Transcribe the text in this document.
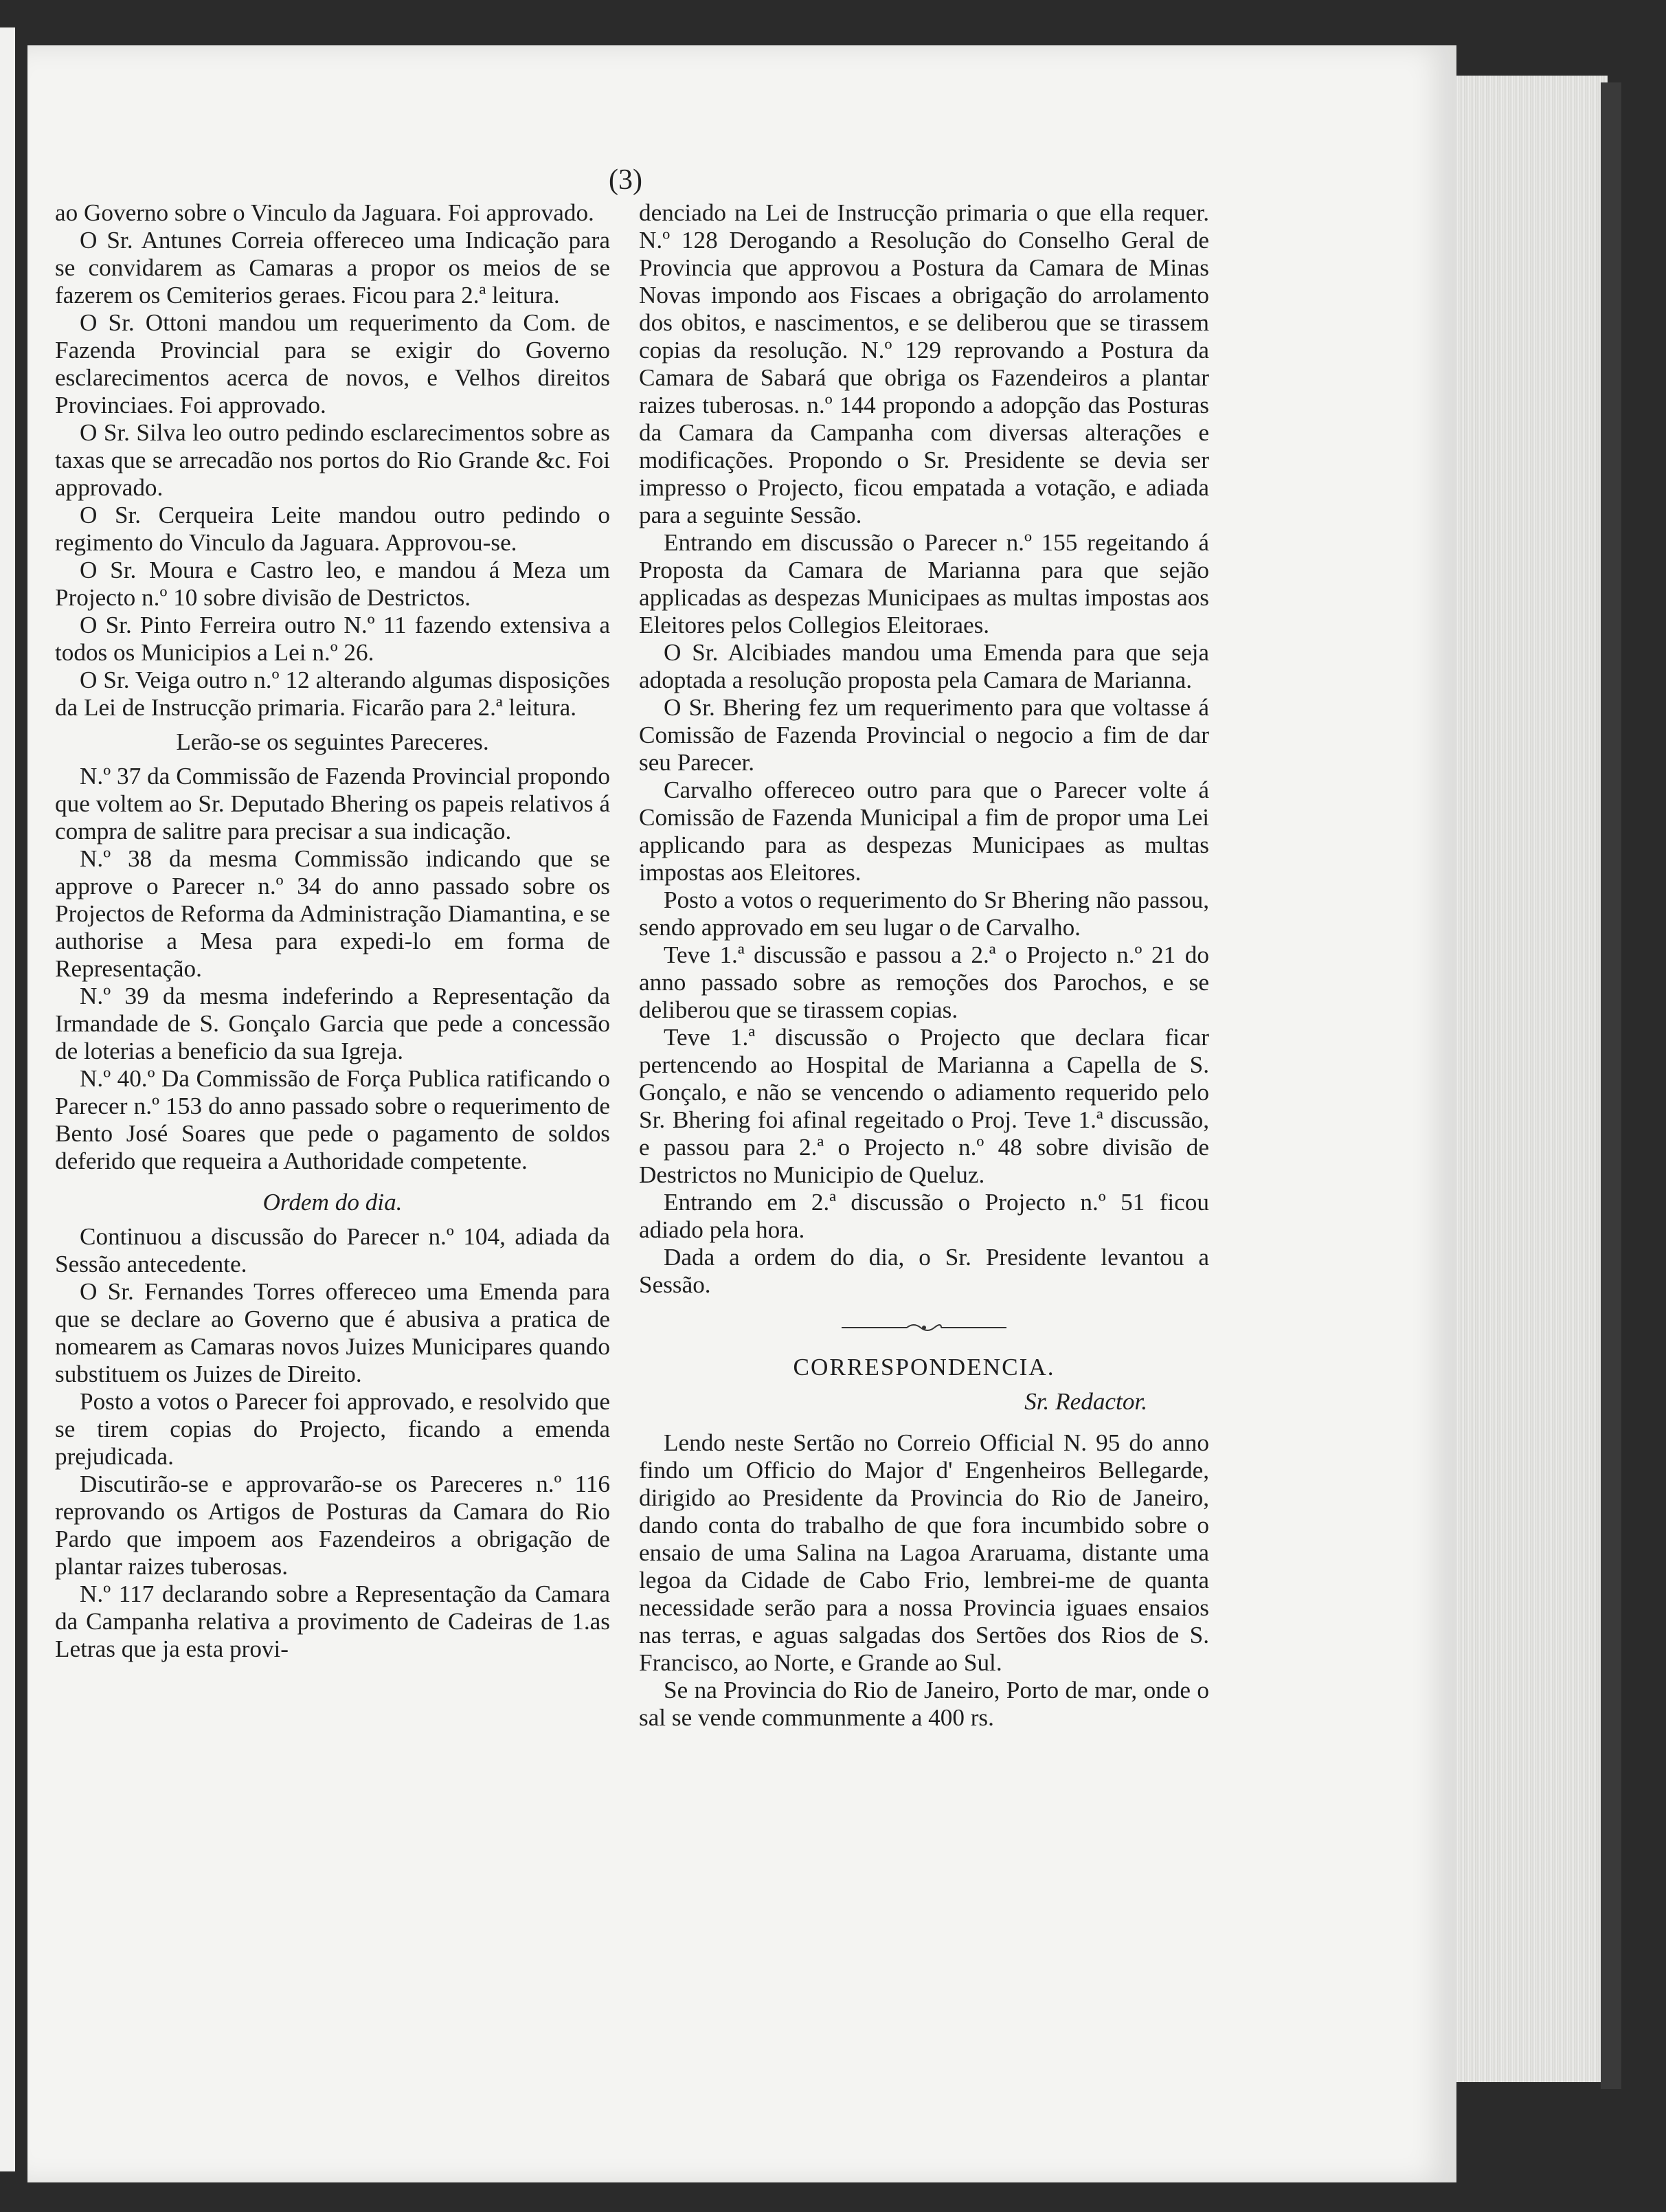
(3)

ao Governo sobre o Vinculo da Jaguara. Foi approvado.

O Sr. Antunes Correia offereceo uma Indicação para se convidarem as Camaras a propor os meios de se fazerem os Cemiterios geraes. Ficou para 2.ª leitura.

O Sr. Ottoni mandou um requerimento da Com. de Fazenda Provincial para se exigir do Governo esclarecimentos acerca de novos, e Velhos direitos Provinciaes. Foi approvado.

O Sr. Silva leo outro pedindo esclarecimentos sobre as taxas que se arrecadão nos portos do Rio Grande &c. Foi approvado.

O Sr. Cerqueira Leite mandou outro pedindo o regimento do Vinculo da Jaguara. Approvou-se.

O Sr. Moura e Castro leo, e mandou á Meza um Projecto n.º 10 sobre divisão de Destrictos.

O Sr. Pinto Ferreira outro N.º 11 fazendo extensiva a todos os Municipios a Lei n.º 26.

O Sr. Veiga outro n.º 12 alterando algumas disposições da Lei de Instrucção primaria. Ficarão para 2.ª leitura.

Lerão-se os seguintes Pareceres.

N.º 37 da Commissão de Fazenda Provincial propondo que voltem ao Sr. Deputado Bhering os papeis relativos á compra de salitre para precisar a sua indicação.

N.º 38 da mesma Commissão indicando que se approve o Parecer n.º 34 do anno passado sobre os Projectos de Reforma da Administração Diamantina, e se authorise a Mesa para expedi-lo em forma de Representação.

N.º 39 da mesma indeferindo a Representação da Irmandade de S. Gonçalo Garcia que pede a concessão de loterias a beneficio da sua Igreja.

N.º 40.º Da Commissão de Força Publica ratificando o Parecer n.º 153 do anno passado sobre o requerimento de Bento José Soares que pede o pagamento de soldos deferido que requeira a Authoridade competente.

Ordem do dia.

Continuou a discussão do Parecer n.º 104, adiada da Sessão antecedente.

O Sr. Fernandes Torres offereceo uma Emenda para que se declare ao Governo que é abusiva a pratica de nomearem as Camaras novos Juizes Municipares quando substituem os Juizes de Direito.

Posto a votos o Parecer foi approvado, e resolvido que se tirem copias do Projecto, ficando a emenda prejudicada.

Discutirão-se e approvarão-se os Pareceres n.º 116 reprovando os Artigos de Posturas da Camara do Rio Pardo que impoem aos Fazendeiros a obrigação de plantar raizes tuberosas.

N.º 117 declarando sobre a Representação da Camara da Campanha relativa a provimento de Cadeiras de 1.as Letras que ja esta provi-

denciado na Lei de Instrucção primaria o que ella requer. N.º 128 Derogando a Resolução do Conselho Geral de Provincia que approvou a Postura da Camara de Minas Novas impondo aos Fiscaes a obrigação do arrolamento dos obitos, e nascimentos, e se deliberou que se tirassem copias da resolução. N.º 129 reprovando a Postura da Camara de Sabará que obriga os Fazendeiros a plantar raizes tuberosas. n.º 144 propondo a adopção das Posturas da Camara da Campanha com diversas alterações e modificações. Propondo o Sr. Presidente se devia ser impresso o Projecto, ficou empatada a votação, e adiada para a seguinte Sessão.

Entrando em discussão o Parecer n.º 155 regeitando á Proposta da Camara de Marianna para que sejão applicadas as despezas Municipaes as multas impostas aos Eleitores pelos Collegios Eleitoraes.

O Sr. Alcibiades mandou uma Emenda para que seja adoptada a resolução proposta pela Camara de Marianna.

O Sr. Bhering fez um requerimento para que voltasse á Comissão de Fazenda Provincial o negocio a fim de dar seu Parecer.

Carvalho offereceo outro para que o Parecer volte á Comissão de Fazenda Municipal a fim de propor uma Lei applicando para as despezas Municipaes as multas impostas aos Eleitores.

Posto a votos o requerimento do Sr Bhering não passou, sendo approvado em seu lugar o de Carvalho.

Teve 1.ª discussão e passou a 2.ª o Projecto n.º 21 do anno passado sobre as remoções dos Parochos, e se deliberou que se tirassem copias.

Teve 1.ª discussão o Projecto que declara ficar pertencendo ao Hospital de Marianna a Capella de S. Gonçalo, e não se vencendo o adiamento requerido pelo Sr. Bhering foi afinal regeitado o Proj. Teve 1.ª discussão, e passou para 2.ª o Projecto n.º 48 sobre divisão de Destrictos no Municipio de Queluz.

Entrando em 2.ª discussão o Projecto n.º 51 ficou adiado pela hora.

Dada a ordem do dia, o Sr. Presidente levantou a Sessão.

CORRESPONDENCIA.

Sr. Redactor.

Lendo neste Sertão no Correio Official N. 95 do anno findo um Officio do Major d' Engenheiros Bellegarde, dirigido ao Presidente da Provincia do Rio de Janeiro, dando conta do trabalho de que fora incumbido sobre o ensaio de uma Salina na Lagoa Araruama, distante uma legoa da Cidade de Cabo Frio, lembrei-me de quanta necessidade serão para a nossa Provincia iguaes ensaios nas terras, e aguas salgadas dos Sertões dos Rios de S. Francisco, ao Norte, e Grande ao Sul.

Se na Provincia do Rio de Janeiro, Porto de mar, onde o sal se vende communmente a 400 rs.
